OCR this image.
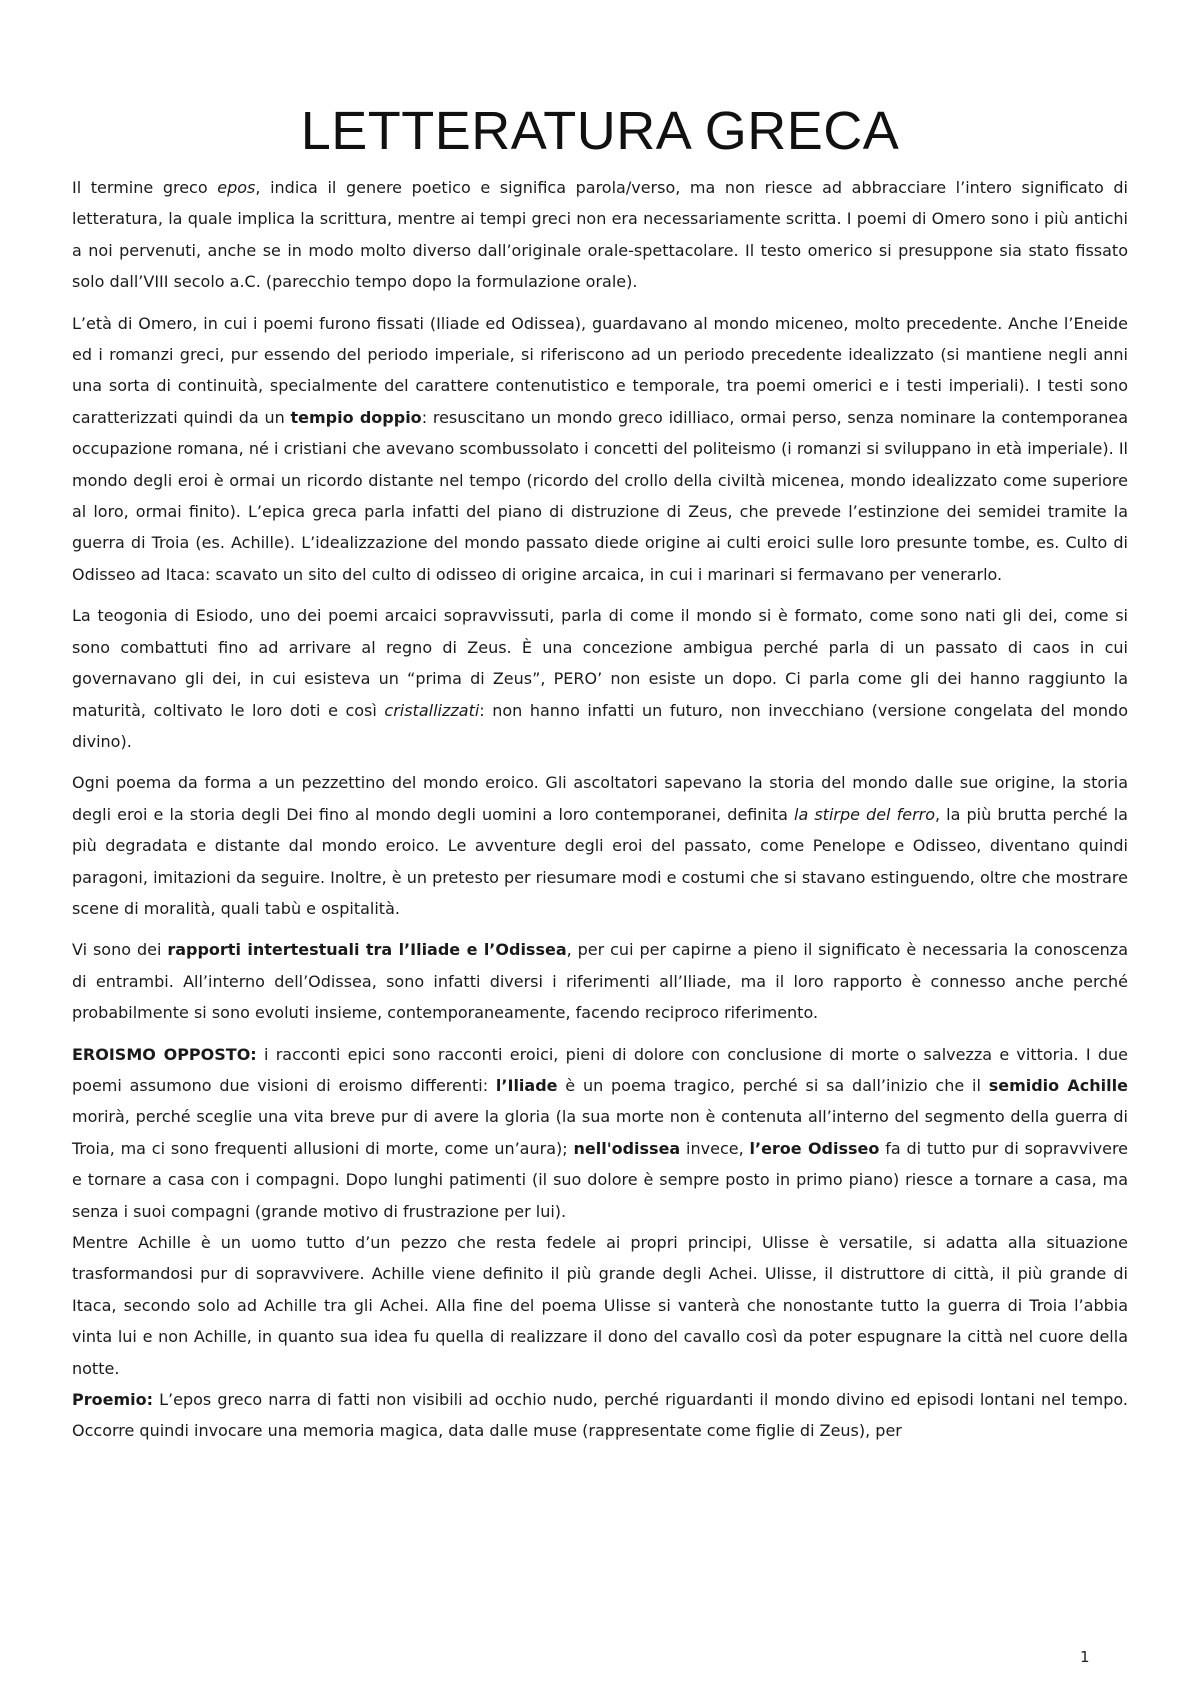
LETTERATURA GRECA

Il termine greco epos, indica il genere poetico e significa parola/verso, ma non riesce ad abbracciare l’intero significato di letteratura, la quale implica la scrittura, mentre ai tempi greci non era necessariamente scritta. I poemi di Omero sono i più antichi a noi pervenuti, anche se in modo molto diverso dall’originale orale-spettacolare. Il testo omerico si presuppone sia stato fissato solo dall’VIII secolo a.C. (parecchio tempo dopo la formulazione orale).

L’età di Omero, in cui i poemi furono fissati (Iliade ed Odissea), guardavano al mondo miceneo, molto precedente. Anche l’Eneide ed i romanzi greci, pur essendo del periodo imperiale, si riferiscono ad un periodo precedente idealizzato (si mantiene negli anni una sorta di continuità, specialmente del carattere contenutistico e temporale, tra poemi omerici e i testi imperiali). I testi sono caratterizzati quindi da un tempio doppio: resuscitano un mondo greco idilliaco, ormai perso, senza nominare la contemporanea occupazione romana, né i cristiani che avevano scombussolato i concetti del politeismo (i romanzi si sviluppano in età imperiale). Il mondo degli eroi è ormai un ricordo distante nel tempo (ricordo del crollo della civiltà micenea, mondo idealizzato come superiore al loro, ormai finito). L’epica greca parla infatti del piano di distruzione di Zeus, che prevede l’estinzione dei semidei tramite la guerra di Troia (es. Achille). L’idealizzazione del mondo passato diede origine ai culti eroici sulle loro presunte tombe, es. Culto di Odisseo ad Itaca: scavato un sito del culto di odisseo di origine arcaica, in cui i marinari si fermavano per venerarlo.

La teogonia di Esiodo, uno dei poemi arcaici sopravvissuti, parla di come il mondo si è formato, come sono nati gli dei, come si sono combattuti fino ad arrivare al regno di Zeus. È una concezione ambigua perché parla di un passato di caos in cui governavano gli dei, in cui esisteva un “prima di Zeus”, PERO’ non esiste un dopo. Ci parla come gli dei hanno raggiunto la maturità, coltivato le loro doti e così cristallizzati: non hanno infatti un futuro, non invecchiano (versione congelata del mondo divino).

Ogni poema da forma a un pezzettino del mondo eroico. Gli ascoltatori sapevano la storia del mondo dalle sue origine, la storia degli eroi e la storia degli Dei fino al mondo degli uomini a loro contemporanei, definita la stirpe del ferro, la più brutta perché la più degradata e distante dal mondo eroico. Le avventure degli eroi del passato, come Penelope e Odisseo, diventano quindi paragoni, imitazioni da seguire. Inoltre, è un pretesto per riesumare modi e costumi che si stavano estinguendo, oltre che mostrare scene di moralità, quali tabù e ospitalità.

Vi sono dei rapporti intertestuali tra l’Iliade e l’Odissea, per cui per capirne a pieno il significato è necessaria la conoscenza di entrambi. All’interno dell’Odissea, sono infatti diversi i riferimenti all’Iliade, ma il loro rapporto è connesso anche perché probabilmente si sono evoluti insieme, contemporaneamente, facendo reciproco riferimento.

EROISMO OPPOSTO: i racconti epici sono racconti eroici, pieni di dolore con conclusione di morte o salvezza e vittoria. I due poemi assumono due visioni di eroismo differenti: l’Iliade è un poema tragico, perché si sa dall’inizio che il semidio Achille morirà, perché sceglie una vita breve pur di avere la gloria (la sua morte non è contenuta all’interno del segmento della guerra di Troia, ma ci sono frequenti allusioni di morte, come un’aura); nell'odissea invece, l’eroe Odisseo fa di tutto pur di sopravvivere e tornare a casa con i compagni. Dopo lunghi patimenti (il suo dolore è sempre posto in primo piano) riesce a tornare a casa, ma senza i suoi compagni (grande motivo di frustrazione per lui).

Mentre Achille è un uomo tutto d’un pezzo che resta fedele ai propri principi, Ulisse è versatile, si adatta alla situazione trasformandosi pur di sopravvivere. Achille viene definito il più grande degli Achei. Ulisse, il distruttore di città, il più grande di Itaca, secondo solo ad Achille tra gli Achei. Alla fine del poema Ulisse si vanterà che nonostante tutto la guerra di Troia l’abbia vinta lui e non Achille, in quanto sua idea fu quella di realizzare il dono del cavallo così da poter espugnare la città nel cuore della notte.

Proemio: L’epos greco narra di fatti non visibili ad occhio nudo, perché riguardanti il mondo divino ed episodi lontani nel tempo. Occorre quindi invocare una memoria magica, data dalle muse (rappresentate come figlie di Zeus), per

1
